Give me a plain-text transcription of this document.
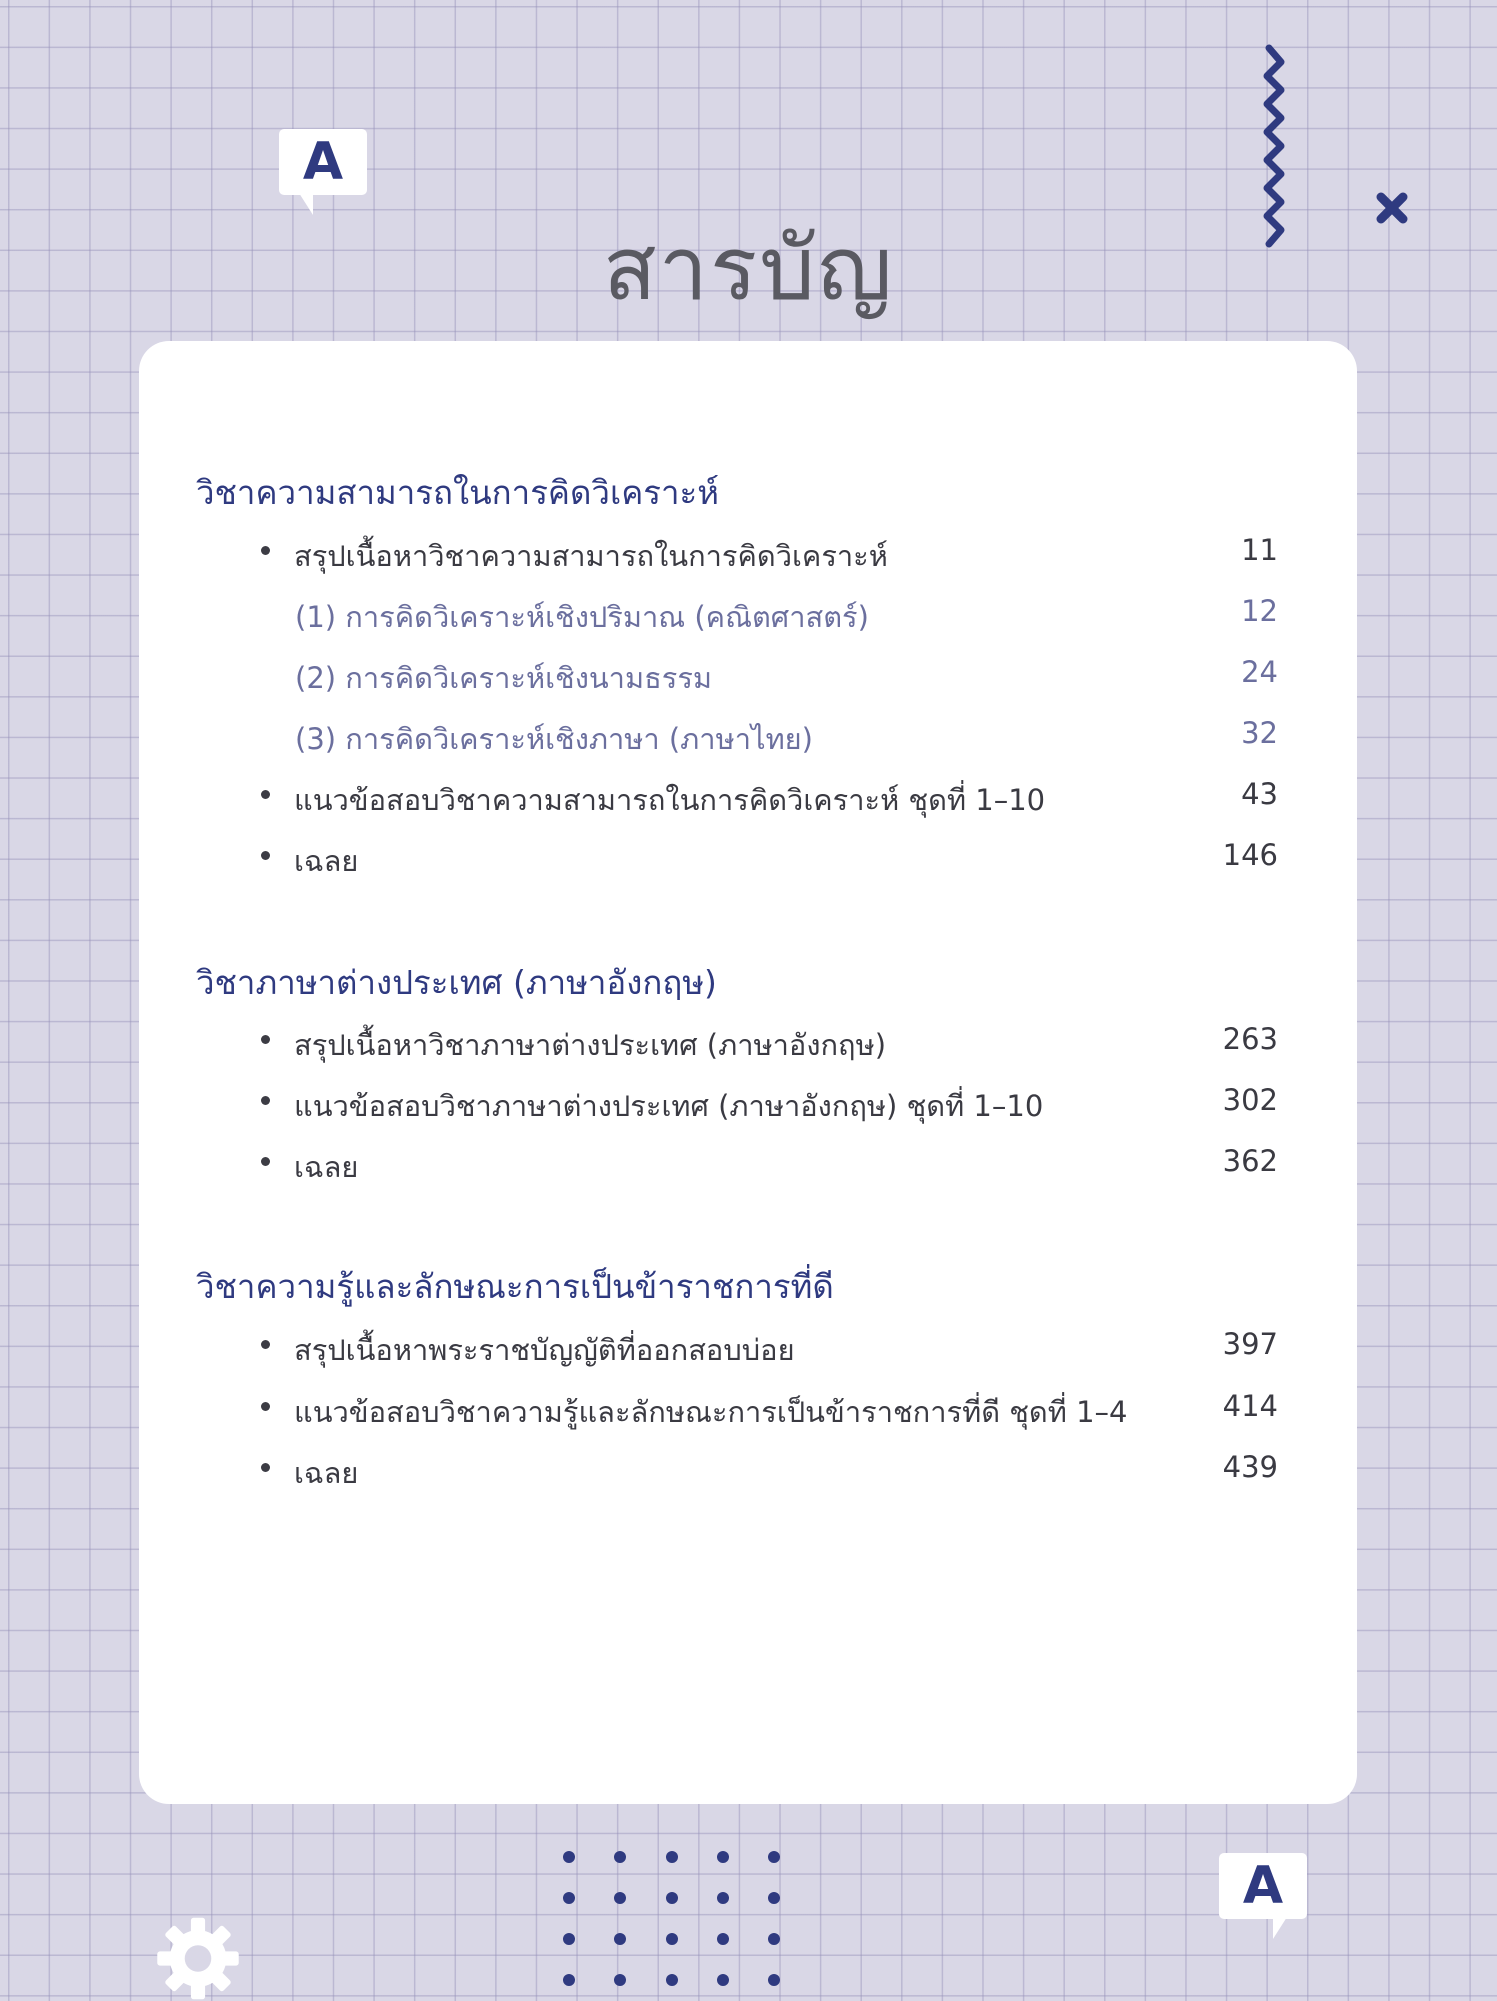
A
สารบัญ
วิชาความสามารถในการคิดวิเคราะห์
สรุปเนื้อหาวิชาความสามารถในการคิดวิเคราะห์	11
(1) การคิดวิเคราะห์เชิงปริมาณ (คณิตศาสตร์)	12
(2) การคิดวิเคราะห์เชิงนามธรรม	24
(3) การคิดวิเคราะห์เชิงภาษา (ภาษาไทย)	32
แนวข้อสอบวิชาความสามารถในการคิดวิเคราะห์ ชุดที่ 1–10	43
เฉลย	146
วิชาภาษาต่างประเทศ (ภาษาอังกฤษ)
สรุปเนื้อหาวิชาภาษาต่างประเทศ (ภาษาอังกฤษ)	263
แนวข้อสอบวิชาภาษาต่างประเทศ (ภาษาอังกฤษ) ชุดที่ 1–10	302
เฉลย	362
วิชาความรู้และลักษณะการเป็นข้าราชการที่ดี
สรุปเนื้อหาพระราชบัญญัติที่ออกสอบบ่อย	397
แนวข้อสอบวิชาความรู้และลักษณะการเป็นข้าราชการที่ดี ชุดที่ 1–4	414
เฉลย	439
A
